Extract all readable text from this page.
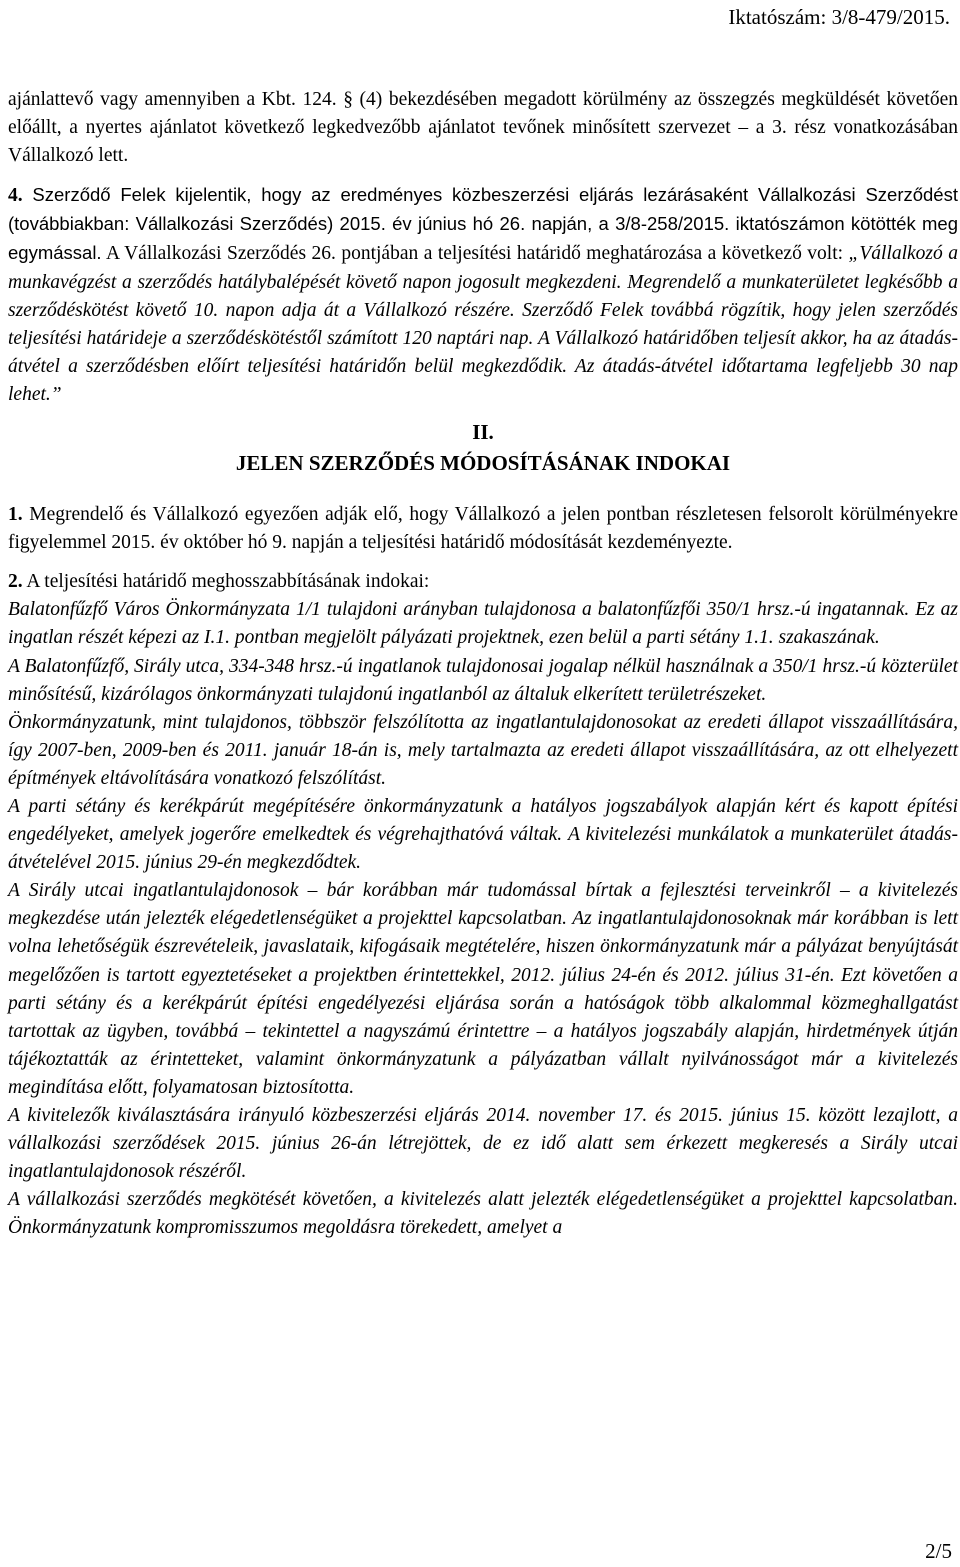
Iktatószám: 3/8-479/2015.

ajánlattevő vagy amennyiben a Kbt. 124. § (4) bekezdésében megadott körülmény az összegzés megküldését követően előállt, a nyertes ajánlatot következő legkedvezőbb ajánlatot tevőnek minősített szervezet – a 3. rész vonatkozásában Vállalkozó lett.

4. Szerződő Felek kijelentik, hogy az eredményes közbeszerzési eljárás lezárásaként Vállalkozási Szerződést (továbbiakban: Vállalkozási Szerződés) 2015. év június hó 26. napján, a 3/8-258/2015. iktatószámon kötötték meg egymással. A Vállalkozási Szerződés 26. pontjában a teljesítési határidő meghatározása a következő volt: „Vállalkozó a munkavégzést a szerződés hatálybalépését követő napon jogosult megkezdeni. Megrendelő a munkaterületet legkésőbb a szerződéskötést követő 10. napon adja át a Vállalkozó részére. Szerződő Felek továbbá rögzítik, hogy jelen szerződés teljesítési határideje a szerződéskötéstől számított 120 naptári nap. A Vállalkozó határidőben teljesít akkor, ha az átadás-átvétel a szerződésben előírt teljesítési határidőn belül megkezdődik. Az átadás-átvétel időtartama legfeljebb 30 nap lehet.”

II.
JELEN SZERZŐDÉS MÓDOSÍTÁSÁNAK INDOKAI

1. Megrendelő és Vállalkozó egyezően adják elő, hogy Vállalkozó a jelen pontban részletesen felsorolt körülményekre figyelemmel 2015. év október hó 9. napján a teljesítési határidő módosítását kezdeményezte.

2. A teljesítési határidő meghosszabbításának indokai:

Balatonfűzfő Város Önkormányzata 1/1 tulajdoni arányban tulajdonosa a balatonfűzfői 350/1 hrsz.-ú ingatannak. Ez az ingatlan részét képezi az I.1. pontban megjelölt pályázati projektnek, ezen belül a parti sétány 1.1. szakaszának.

A Balatonfűzfő, Sirály utca, 334-348 hrsz.-ú ingatlanok tulajdonosai jogalap nélkül használnak a 350/1 hrsz.-ú közterület minősítésű, kizárólagos önkormányzati tulajdonú ingatlanból az általuk elkerített területrészeket.

Önkormányzatunk, mint tulajdonos, többször felszólította az ingatlantulajdonosokat az eredeti állapot visszaállítására, így 2007-ben, 2009-ben és 2011. január 18-án is, mely tartalmazta az eredeti állapot visszaállítására, az ott elhelyezett építmények eltávolítására vonatkozó felszólítást.

A parti sétány és kerékpárút megépítésére önkormányzatunk a hatályos jogszabályok alapján kért és kapott építési engedélyeket, amelyek jogerőre emelkedtek és végrehajthatóvá váltak. A kivitelezési munkálatok a munkaterület átadás-átvételével 2015. június 29-én megkezdődtek.

A Sirály utcai ingatlantulajdonosok – bár korábban már tudomással bírtak a fejlesztési terveinkről – a kivitelezés megkezdése után jelezték elégedetlenségüket a projekttel kapcsolatban. Az ingatlantulajdonosoknak már korábban is lett volna lehetőségük észrevételeik, javaslataik, kifogásaik megtételére, hiszen önkormányzatunk már a pályázat benyújtását megelőzően is tartott egyeztetéseket a projektben érintettekkel, 2012. július 24-én és 2012. július 31-én. Ezt követően a parti sétány és a kerékpárút építési engedélyezési eljárása során a hatóságok több alkalommal közmeghallgatást tartottak az ügyben, továbbá – tekintettel a nagyszámú érintettre – a hatályos jogszabály alapján, hirdetmények útján tájékoztatták az érintetteket, valamint önkormányzatunk a pályázatban vállalt nyilvánosságot már a kivitelezés megindítása előtt, folyamatosan biztosította.

A kivitelezők kiválasztására irányuló közbeszerzési eljárás 2014. november 17. és 2015. június 15. között lezajlott, a vállalkozási szerződések 2015. június 26-án létrejöttek, de ez idő alatt sem érkezett megkeresés a Sirály utcai ingatlantulajdonosok részéről.

A vállalkozási szerződés megkötését követően, a kivitelezés alatt jelezték elégedetlenségüket a projekttel kapcsolatban. Önkormányzatunk kompromisszumos megoldásra törekedett, amelyet a

2/5
